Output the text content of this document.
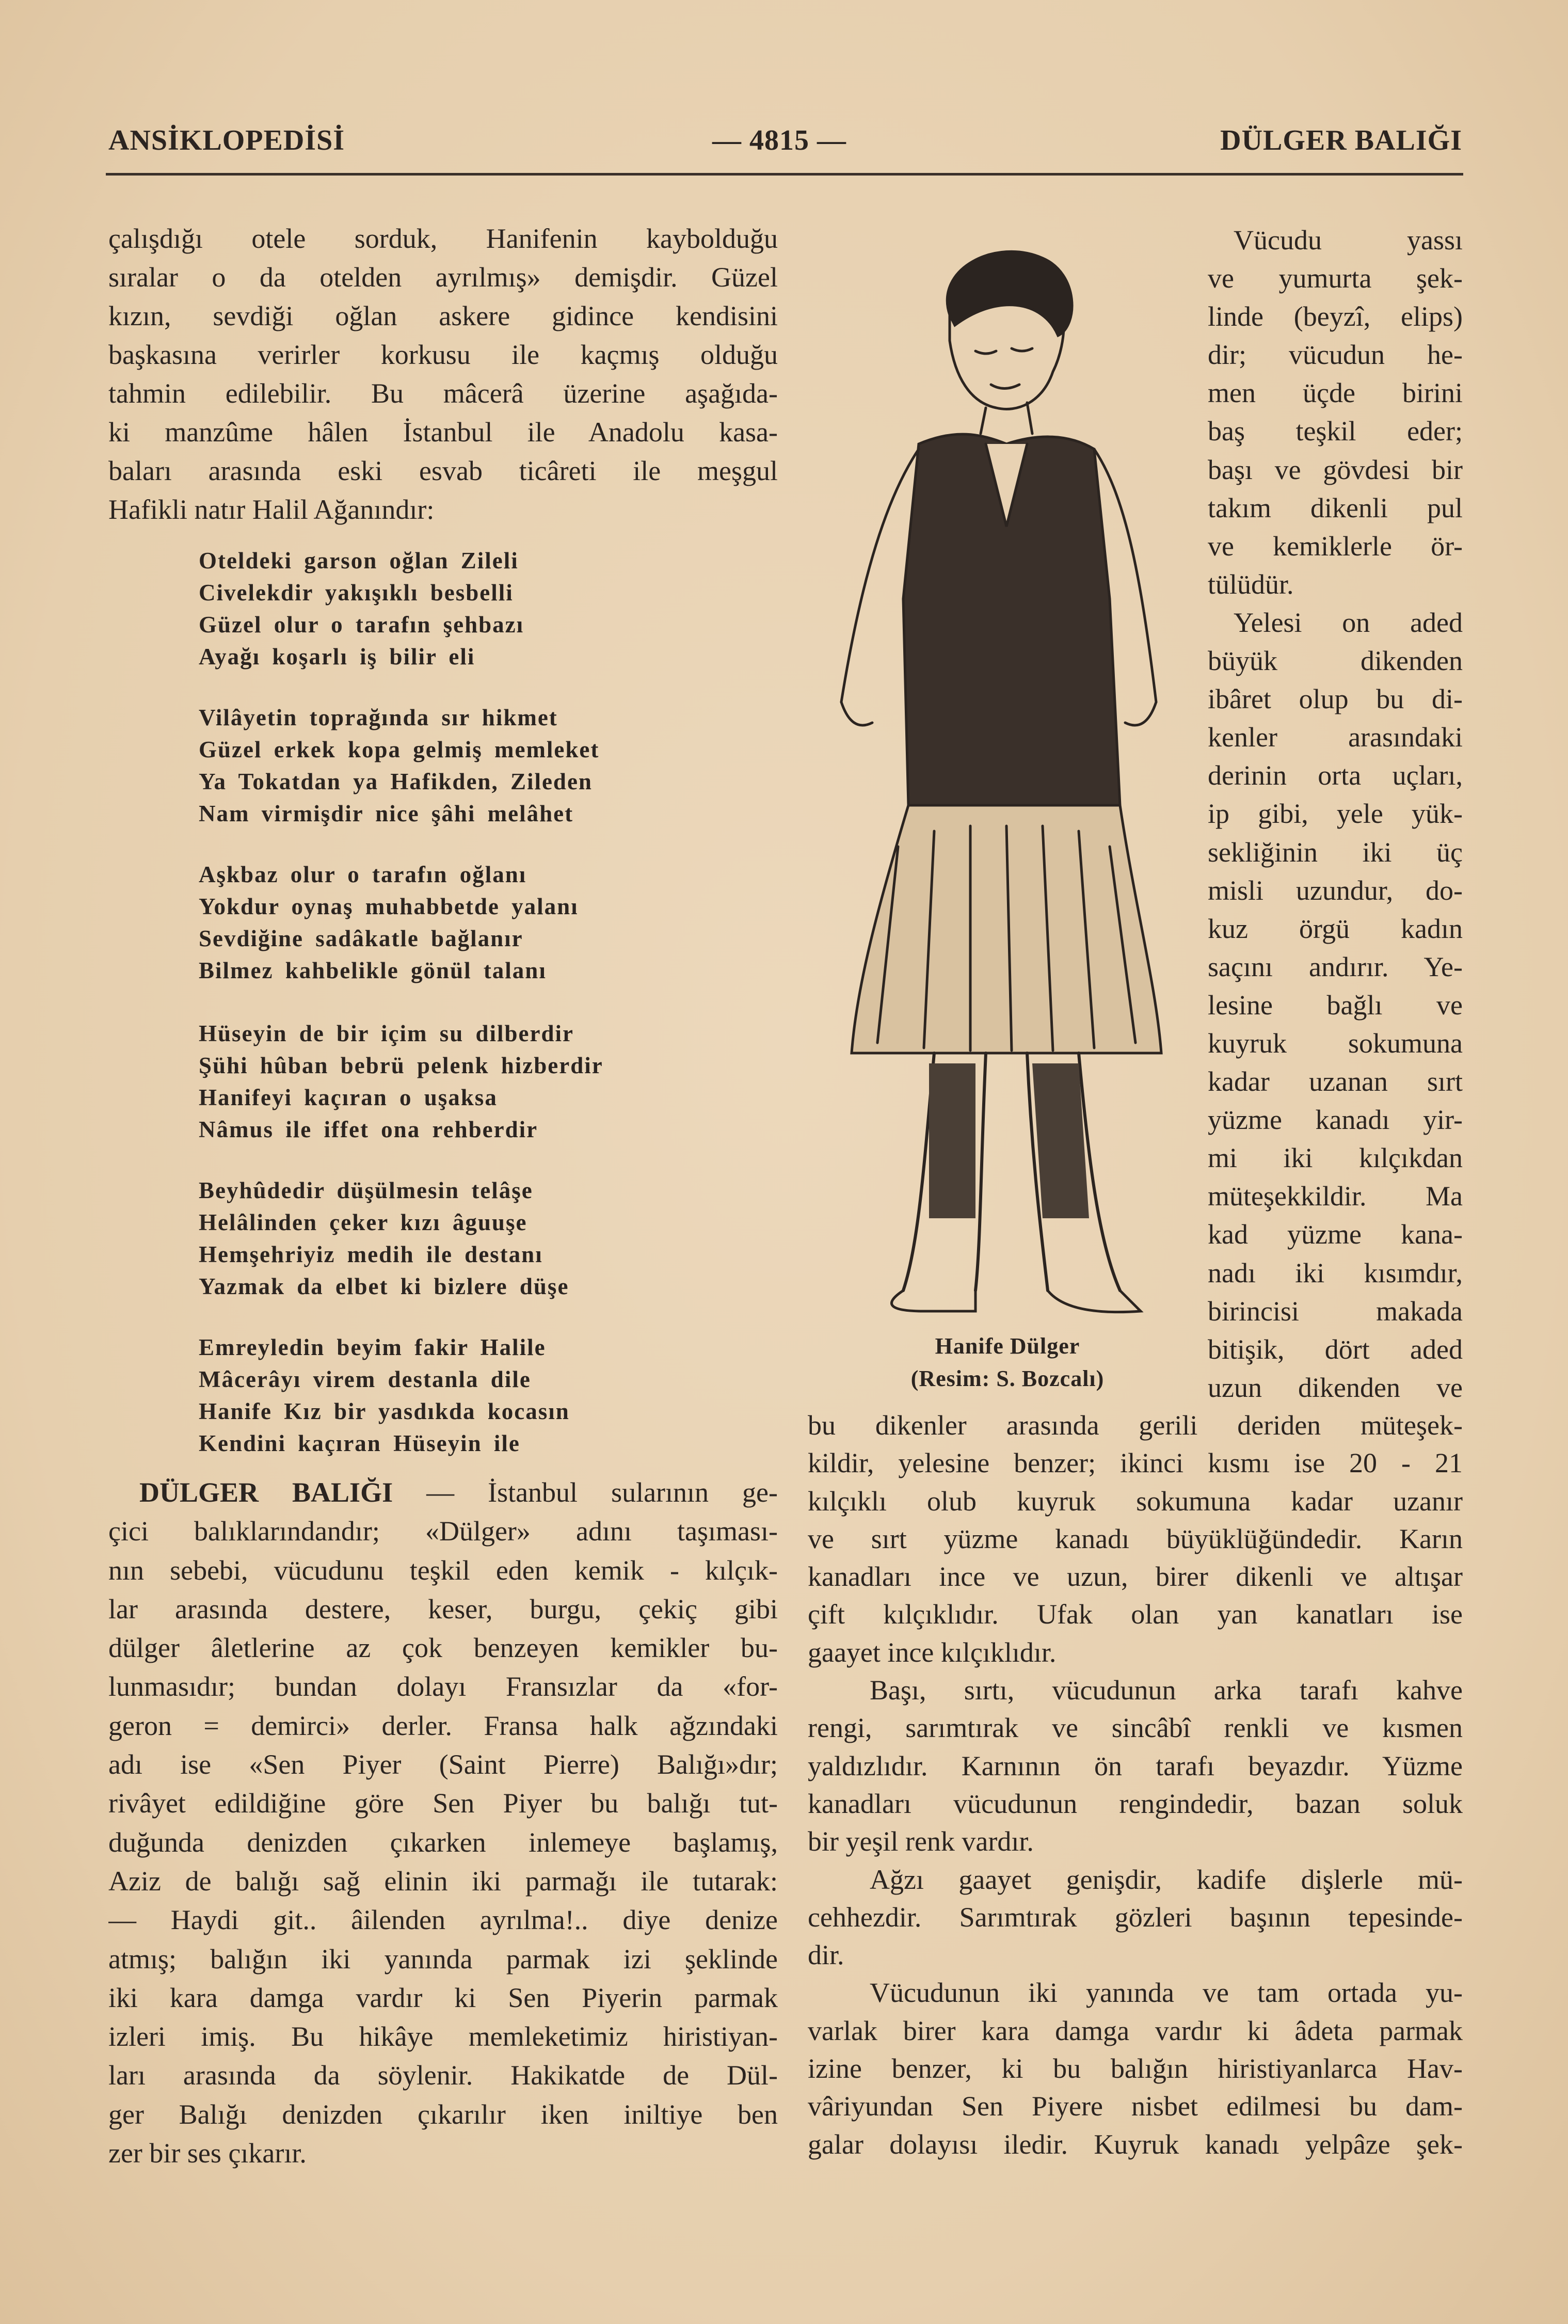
ANSİKLOPEDİSİ	— 4815 —	DÜLGER BALIĞI
çalışdığı otele sorduk, Hanifenin kaybolduğu
sıralar o da otelden ayrılmış» demişdir. Güzel
kızın, sevdiği oğlan askere gidince kendisini
başkasına verirler korkusu ile kaçmış olduğu
tahmin edilebilir. Bu mâcerâ üzerine aşağıda-
ki manzûme hâlen İstanbul ile Anadolu kasa-
baları arasında eski esvab ticâreti ile meşgul
Hafikli natır Halil Ağanındır:
Oteldeki garson oğlan Zileli
Civelekdir yakışıklı besbelli
Güzel olur o tarafın şehbazı
Ayağı koşarlı iş bilir eli
Vilâyetin toprağında sır hikmet
Güzel erkek kopa gelmiş memleket
Ya Tokatdan ya Hafikden, Zileden
Nam virmişdir nice şâhi melâhet
Aşkbaz olur o tarafın oğlanı
Yokdur oynaş muhabbetde yalanı
Sevdiğine sadâkatle bağlanır
Bilmez kahbelikle gönül talanı
Hüseyin de bir içim su dilberdir
Şühi hûban bebrü pelenk hizberdir
Hanifeyi kaçıran o uşaksa
Nâmus ile iffet ona rehberdir
Beyhûdedir düşülmesin telâşe
Helâlinden çeker kızı âguuşe
Hemşehriyiz medih ile destanı
Yazmak da elbet ki bizlere düşe
Emreyledin beyim fakir Halile
Mâcerâyı virem destanla dile
Hanife Kız bir yasdıkda kocasın
Kendini kaçıran Hüseyin ile
DÜLGER BALIĞI — İstanbul sularının ge-
çici balıklarındandır; «Dülger» adını taşıması-
nın sebebi, vücudunu teşkil eden kemik - kılçık-
lar arasında destere, keser, burgu, çekiç gibi
dülger âletlerine az çok benzeyen kemikler bu-
lunmasıdır; bundan dolayı Fransızlar da «for-
geron = demirci» derler. Fransa halk ağzındaki
adı ise «Sen Piyer (Saint Pierre) Balığı»dır;
rivâyet edildiğine göre Sen Piyer bu balığı tut-
duğunda denizden çıkarken inlemeye başlamış,
Aziz de balığı sağ elinin iki parmağı ile tutarak:
— Haydi git.. âilenden ayrılma!.. diye denize
atmış; balığın iki yanında parmak izi şeklinde
iki kara damga vardır ki Sen Piyerin parmak
izleri imiş. Bu hikâye memleketimiz hiristiyan-
ları arasında da söylenir. Hakikatde de Dül-
ger Balığı denizden çıkarılır iken iniltiye ben
zer bir ses çıkarır.
Vücudu yassı
ve yumurta şek-
linde (beyzî, elips)
dir; vücudun he-
men üçde birini
baş teşkil eder;
başı ve gövdesi bir
takım dikenli pul
ve kemiklerle ör-
tülüdür.
Yelesi on aded
büyük dikenden
ibâret olup bu di-
kenler arasındaki
derinin orta uçları,
ip gibi, yele yük-
sekliğinin iki üç
misli uzundur, do-
kuz örgü kadın
saçını andırır. Ye-
lesine bağlı ve
kuyruk sokumuna
kadar uzanan sırt
yüzme kanadı yir-
mi iki kılçıkdan
müteşekkildir. Ma
kad yüzme kana-
nadı iki kısımdır,
birincisi makada
bitişik, dört aded
uzun dikenden ve
bu dikenler arasında gerili deriden müteşek-
kildir, yelesine benzer; ikinci kısmı ise 20 - 21
kılçıklı olub kuyruk sokumuna kadar uzanır
ve sırt yüzme kanadı büyüklüğündedir. Karın
kanadları ince ve uzun, birer dikenli ve altışar
çift kılçıklıdır. Ufak olan yan kanatları ise
gaayet ince kılçıklıdır.
Başı, sırtı, vücudunun arka tarafı kahve
rengi, sarımtırak ve sincâbî renkli ve kısmen
yaldızlıdır. Karnının ön tarafı beyazdır. Yüzme
kanadları vücudunun rengindedir, bazan soluk
bir yeşil renk vardır.
Ağzı gaayet genişdir, kadife dişlerle mü-
cehhezdir. Sarımtırak gözleri başının tepesinde-
dir.
Vücudunun iki yanında ve tam ortada yu-
varlak birer kara damga vardır ki âdeta parmak
izine benzer, ki bu balığın hiristiyanlarca Hav-
vâriyundan Sen Piyere nisbet edilmesi bu dam-
galar dolayısı iledir. Kuyruk kanadı yelpâze şek-
Hanife Dülger
(Resim: S. Bozcalı)
